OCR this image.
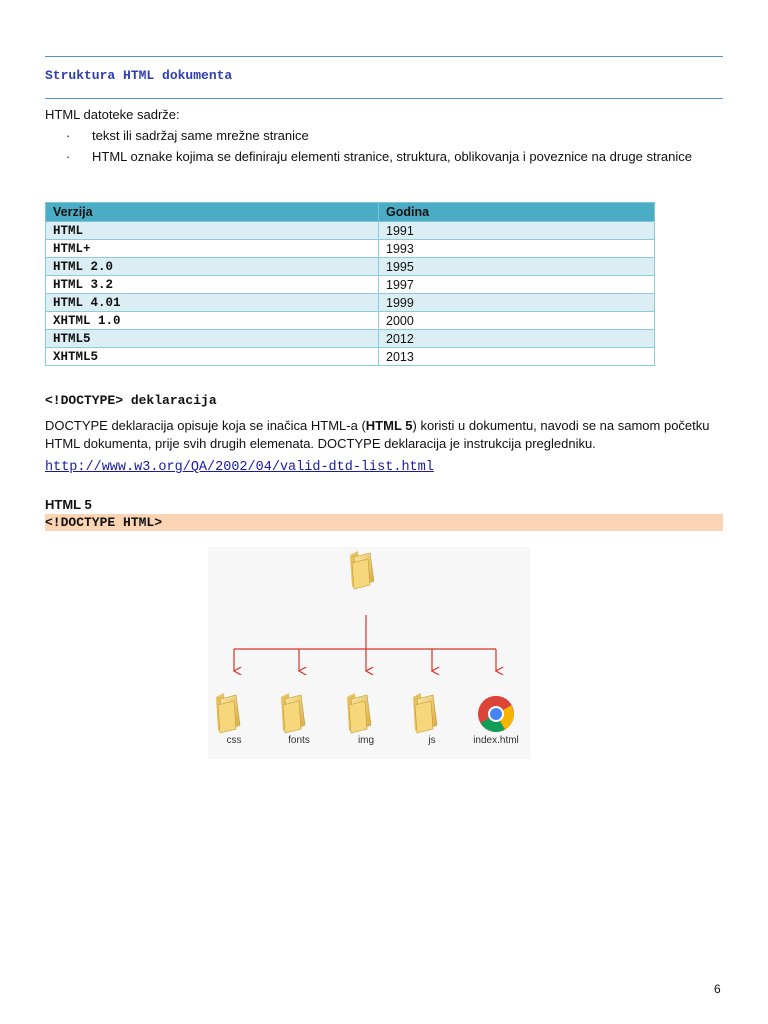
Struktura HTML dokumenta
HTML datoteke sadrže:
· tekst ili sadržaj same mrežne stranice
· HTML oznake kojima se definiraju elementi stranice, struktura, oblikovanja i poveznice na druge stranice
Verzija	Godina
HTML	1991
HTML+	1993
HTML 2.0	1995
HTML 3.2	1997
HTML 4.01	1999
XHTML 1.0	2000
HTML5	2012
XHTML5	2013
<!DOCTYPE> deklaracija

DOCTYPE deklaracija opisuje koja se inačica HTML-a (HTML 5) koristi u dokumentu, navodi se na samom početku HTML dokumenta, prije svih drugih elemenata. DOCTYPE deklaracija je instrukcija pregledniku.

http://www.w3.org/QA/2002/04/valid-dtd-list.html
HTML 5
<!DOCTYPE HTML>
css	fonts	img	js	index.html
6
